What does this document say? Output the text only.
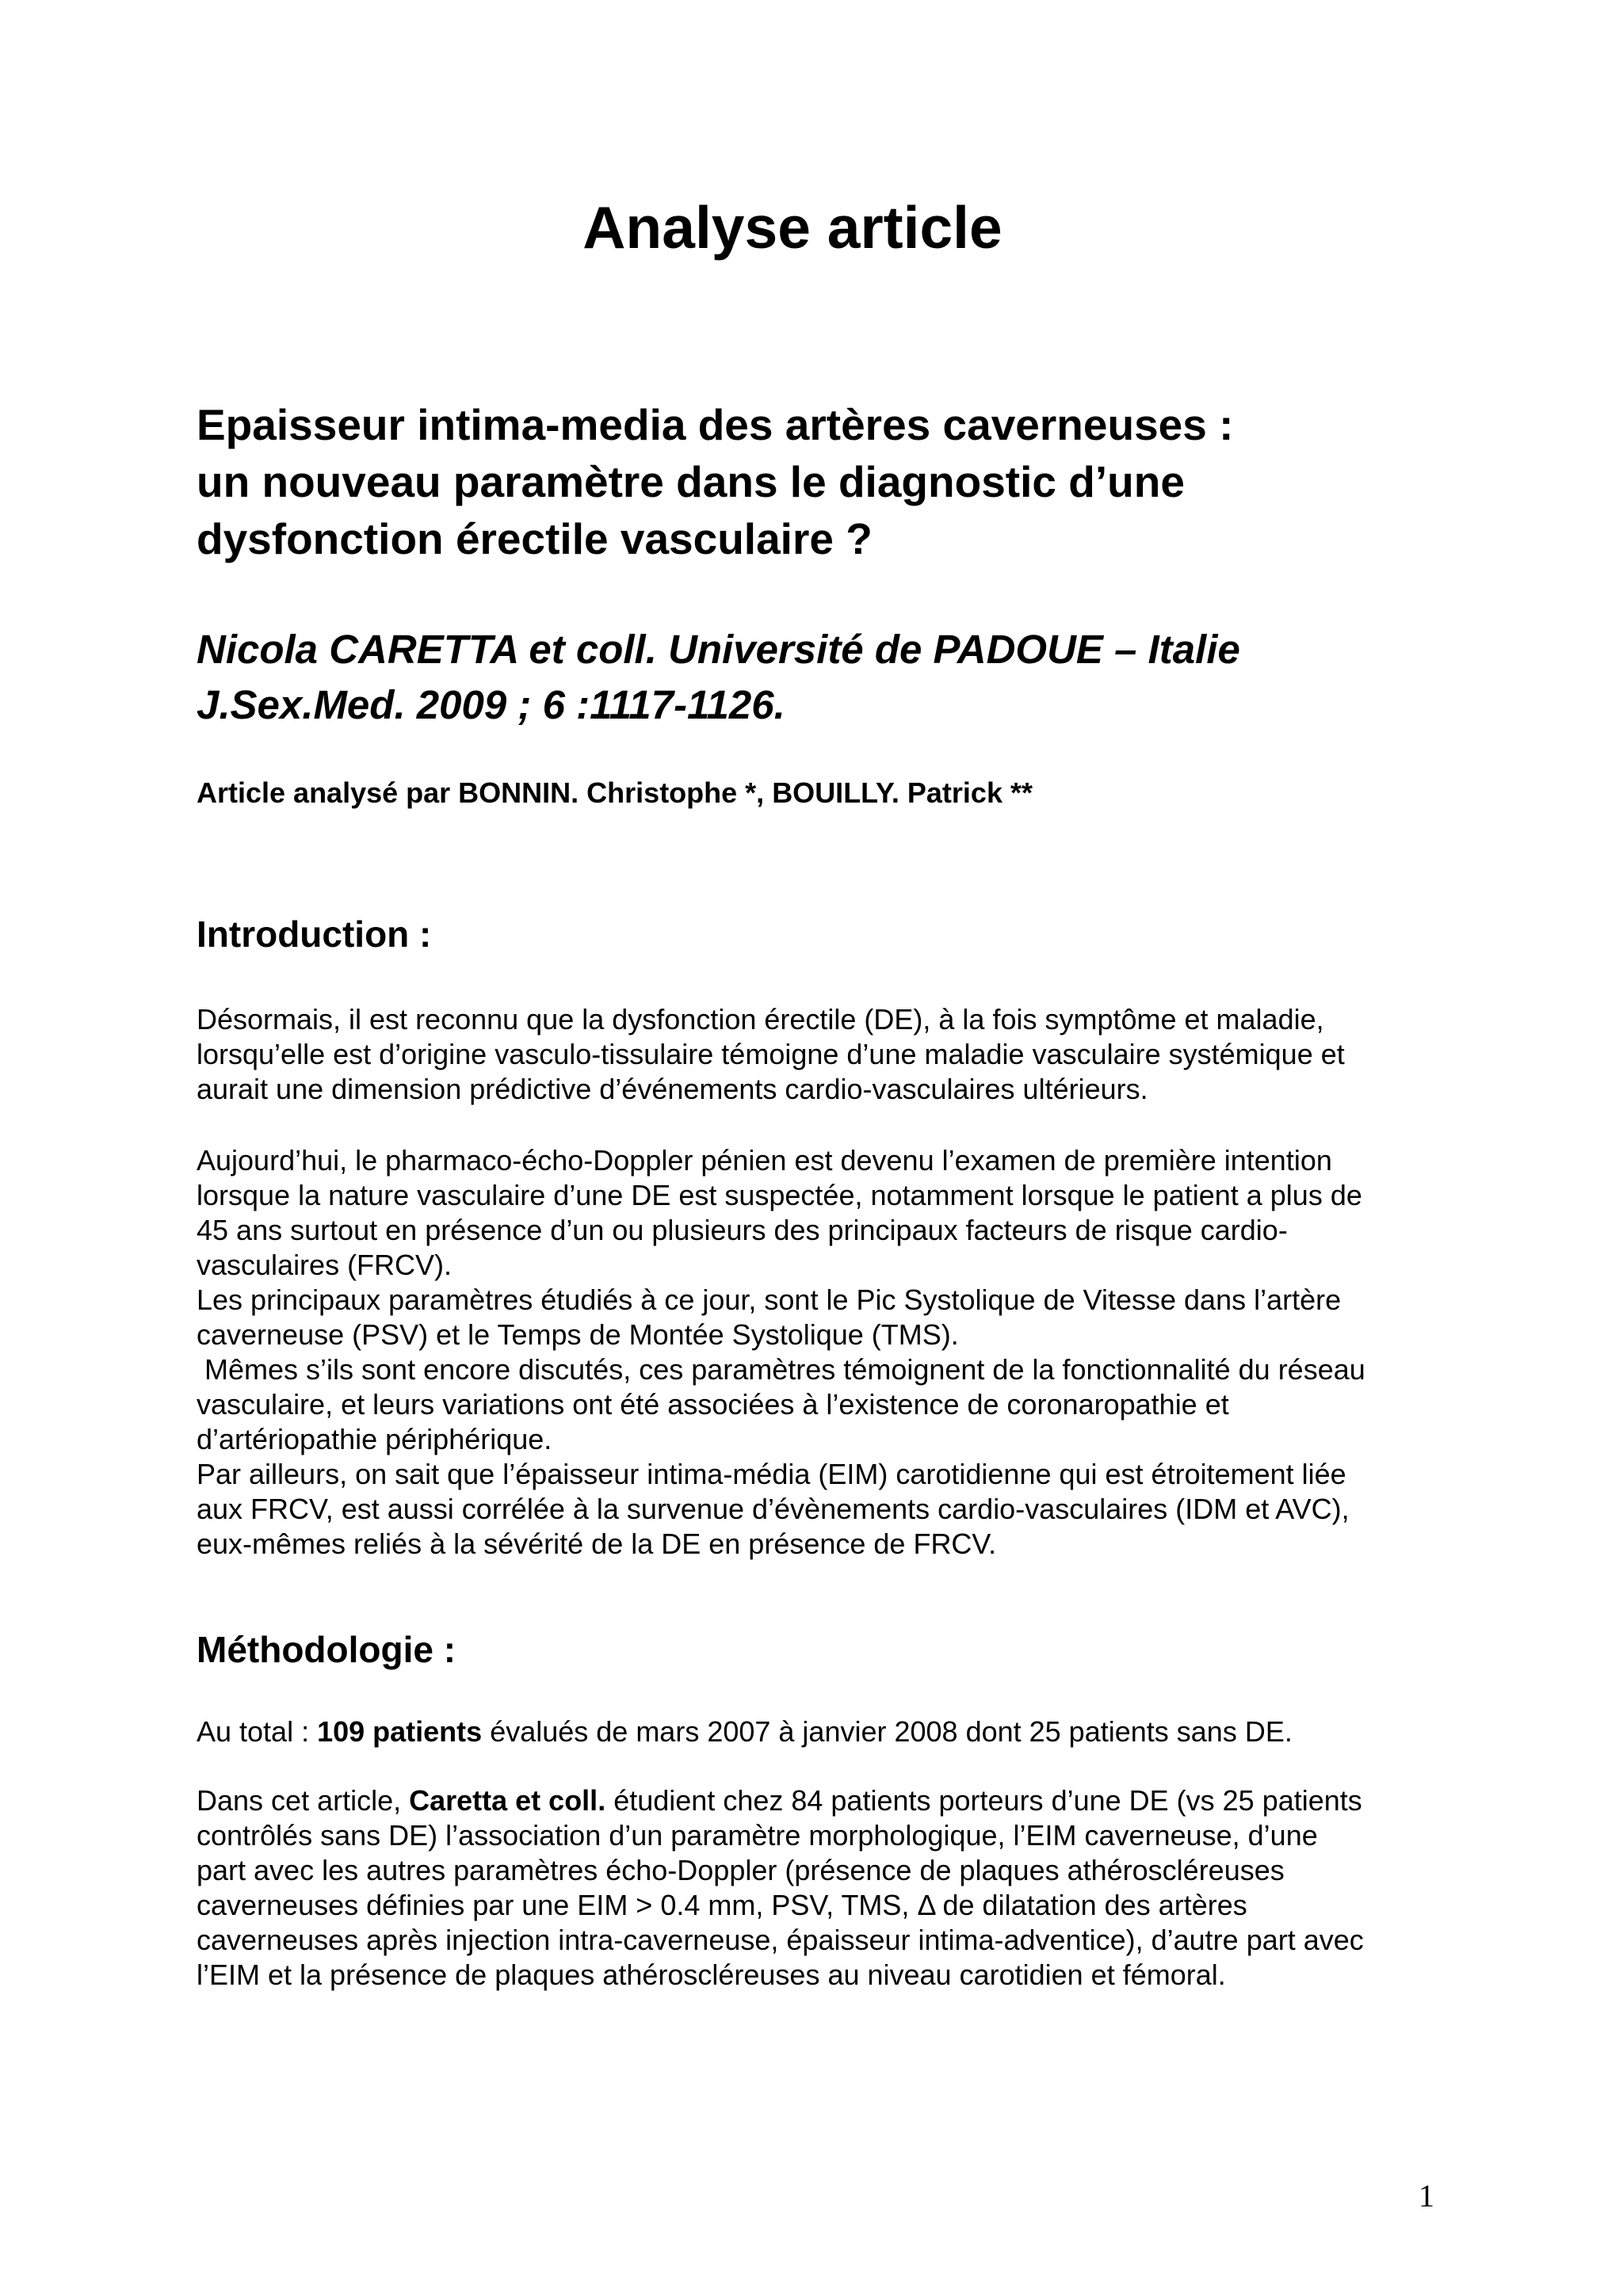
Analyse article
Epaisseur intima-media des artères caverneuses :
un nouveau paramètre dans le diagnostic d’une
dysfonction érectile vasculaire ?

Nicola CARETTA et coll. Université de PADOUE – Italie
J.Sex.Med. 2009 ; 6 :1117-1126.

Article analysé par BONNIN. Christophe *, BOUILLY. Patrick **

Introduction :

Désormais, il est reconnu que la dysfonction érectile (DE), à la fois symptôme et maladie,
lorsqu’elle est d’origine vasculo-tissulaire témoigne d’une maladie vasculaire systémique et
aurait une dimension prédictive d’événements cardio-vasculaires ultérieurs.

Aujourd’hui, le pharmaco-écho-Doppler pénien est devenu l’examen de première intention
lorsque la nature vasculaire d’une DE est suspectée, notamment lorsque le patient a plus de
45 ans surtout en présence d’un ou plusieurs des principaux facteurs de risque cardio-
vasculaires (FRCV).
Les principaux paramètres étudiés à ce jour, sont le Pic Systolique de Vitesse dans l’artère
caverneuse (PSV) et le Temps de Montée Systolique (TMS).
Mêmes s’ils sont encore discutés, ces paramètres témoignent de la fonctionnalité du réseau
vasculaire, et leurs variations ont été associées à l’existence de coronaropathie et
d’artériopathie périphérique.
Par ailleurs, on sait que l’épaisseur intima-média (EIM) carotidienne qui est étroitement liée
aux FRCV, est aussi corrélée à la survenue d’évènements cardio-vasculaires (IDM et AVC),
eux-mêmes reliés à la sévérité de la DE en présence de FRCV.

Méthodologie :

Au total : 109 patients évalués de mars 2007 à janvier 2008 dont 25 patients sans DE.

Dans cet article, Caretta et coll. étudient chez 84 patients porteurs d’une DE (vs 25 patients
contrôlés sans DE) l’association d’un paramètre morphologique, l’EIM caverneuse, d’une
part avec les autres paramètres écho-Doppler (présence de plaques athéroscléreuses
caverneuses définies par une EIM > 0.4 mm, PSV, TMS, Δ de dilatation des artères
caverneuses après injection intra-caverneuse, épaisseur intima-adventice), d’autre part avec
l’EIM et la présence de plaques athéroscléreuses au niveau carotidien et fémoral.

1
